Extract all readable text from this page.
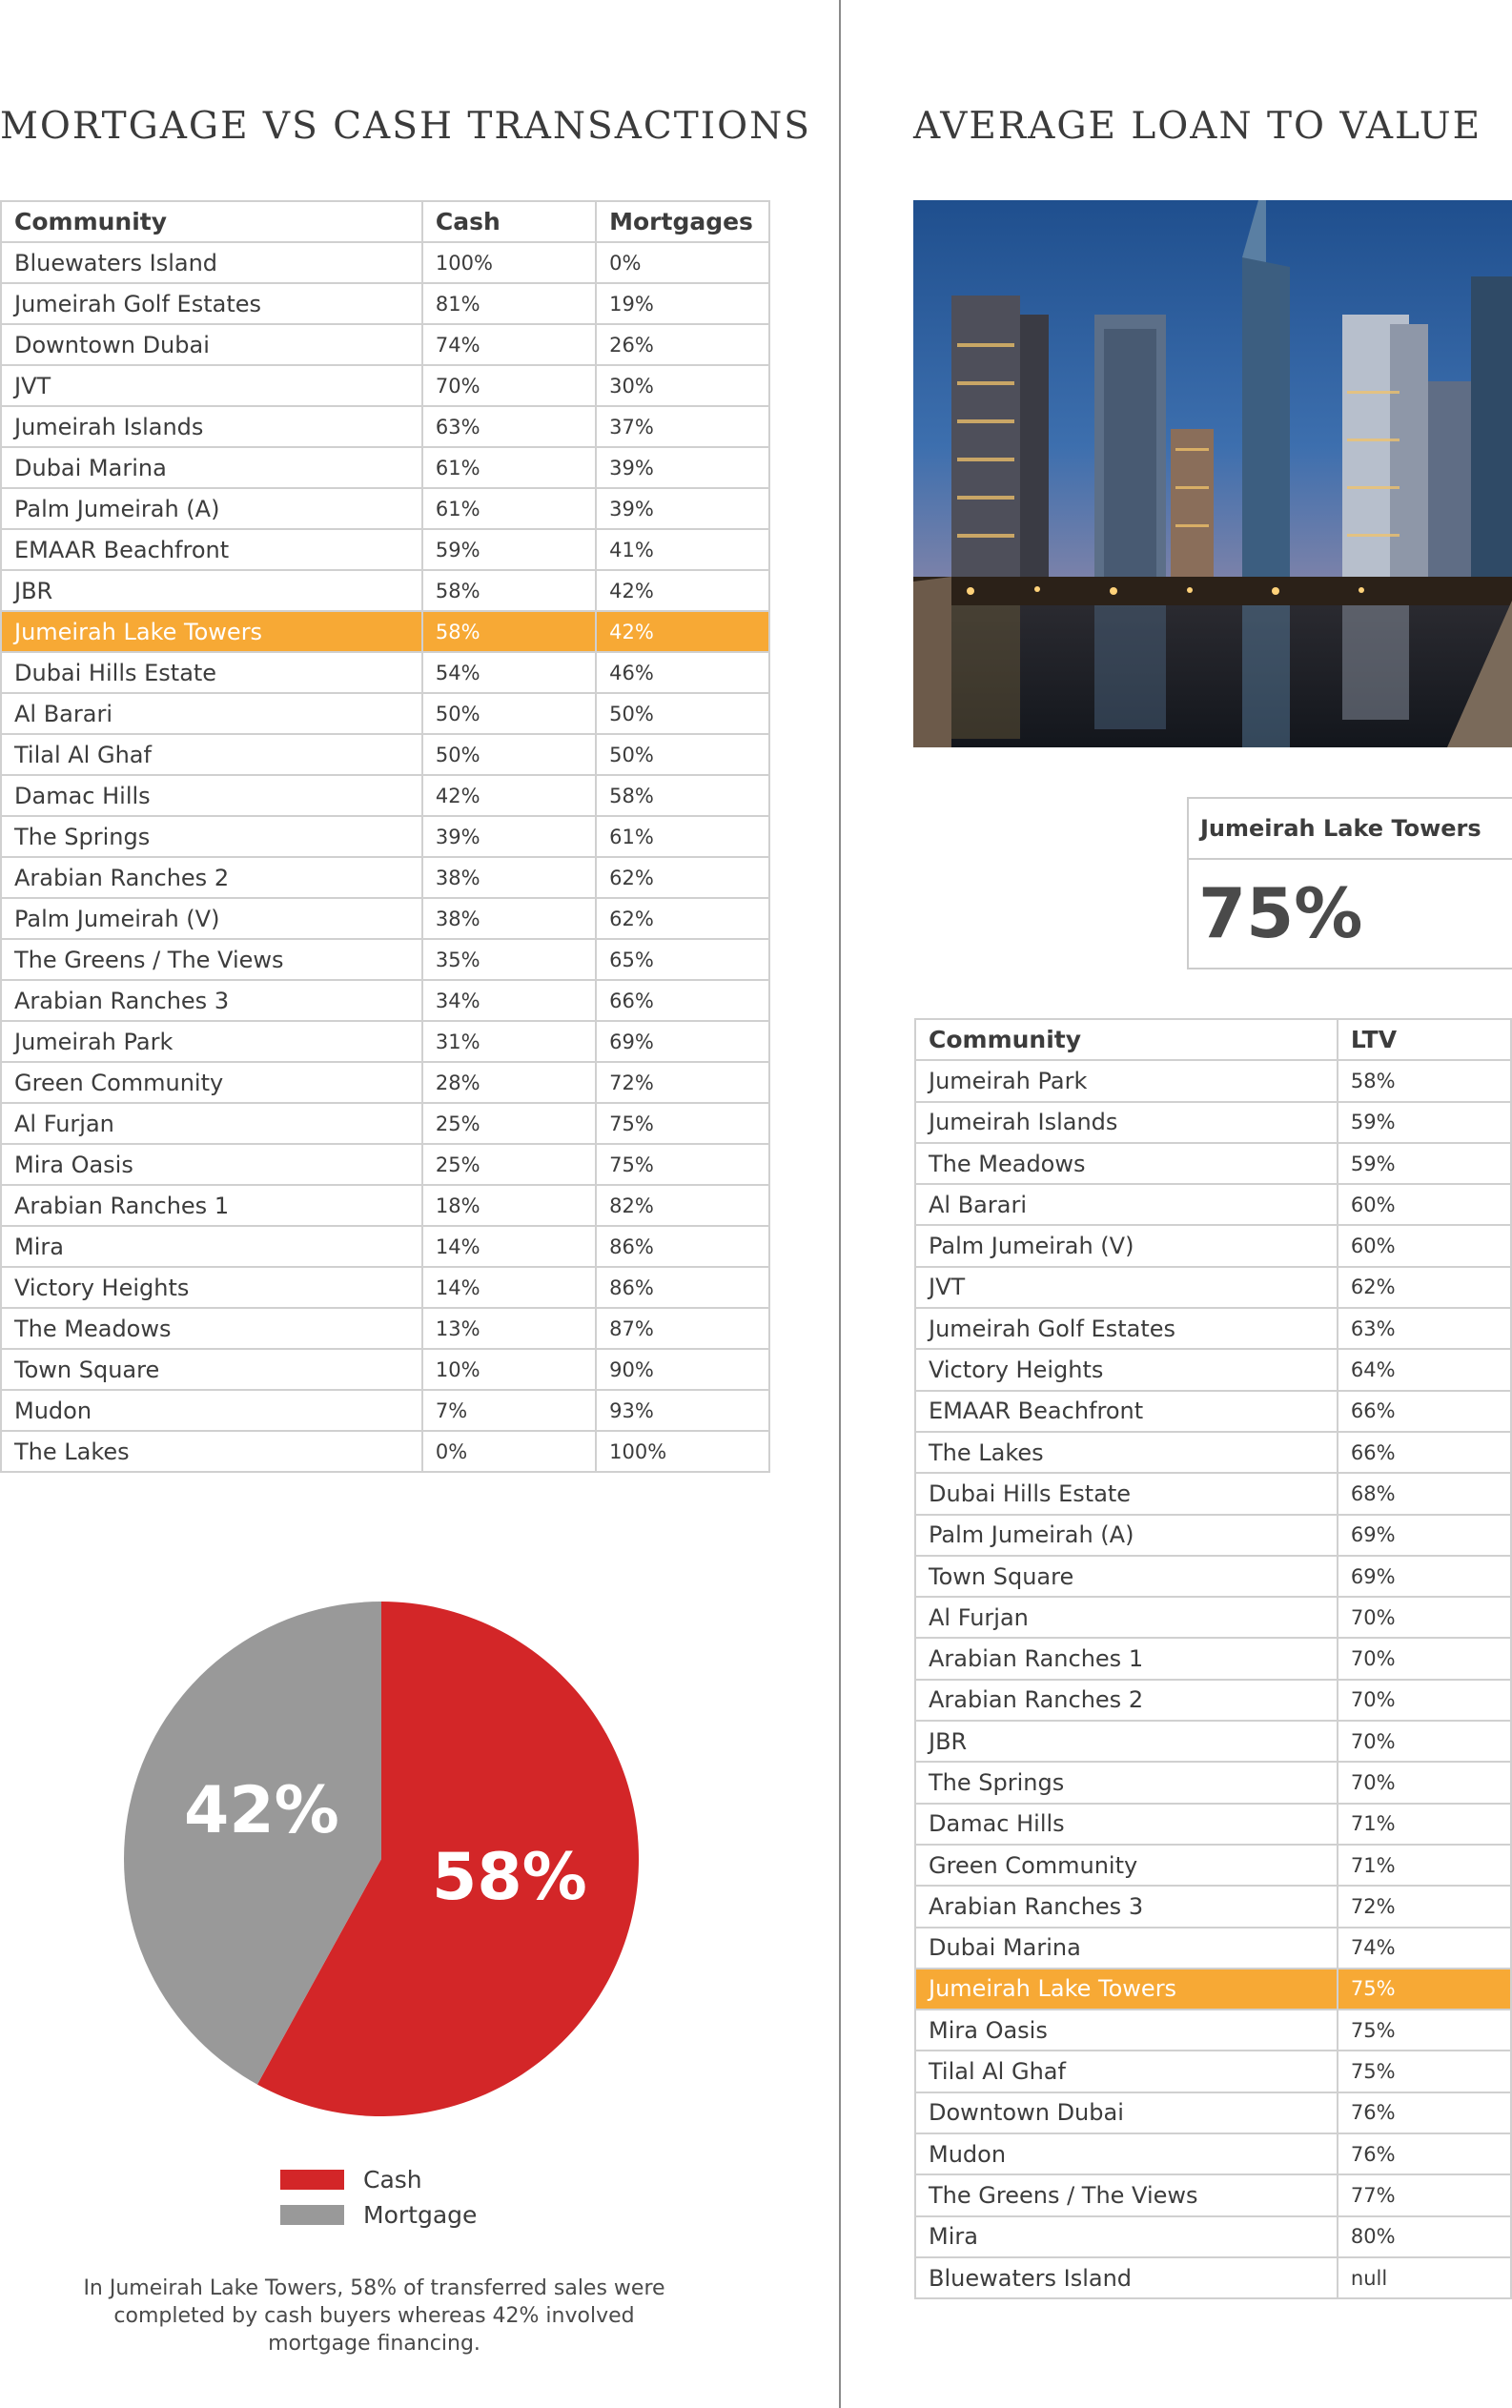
MORTGAGE VS CASH TRANSACTIONS
Community	Cash	Mortgages
Bluewaters Island	100%	0%
Jumeirah Golf Estates	81%	19%
Downtown Dubai	74%	26%
JVT	70%	30%
Jumeirah Islands	63%	37%
Dubai Marina	61%	39%
Palm Jumeirah (A)	61%	39%
EMAAR Beachfront	59%	41%
JBR	58%	42%
Jumeirah Lake Towers	58%	42%
Dubai Hills Estate	54%	46%
Al Barari	50%	50%
Tilal Al Ghaf	50%	50%
Damac Hills	42%	58%
The Springs	39%	61%
Arabian Ranches 2	38%	62%
Palm Jumeirah (V)	38%	62%
The Greens / The Views	35%	65%
Arabian Ranches 3	34%	66%
Jumeirah Park	31%	69%
Green Community	28%	72%
Al Furjan	25%	75%
Mira Oasis	25%	75%
Arabian Ranches 1	18%	82%
Mira	14%	86%
Victory Heights	14%	86%
The Meadows	13%	87%
Town Square	10%	90%
Mudon	7%	93%
The Lakes	0%	100%
42%
58%
Cash
Mortgage

In Jumeirah Lake Towers, 58% of transferred sales were completed by cash buyers whereas 42% involved mortgage financing.

AVERAGE LOAN TO VALUE
Jumeirah Lake Towers
75%
Community	LTV
Jumeirah Park	58%
Jumeirah Islands	59%
The Meadows	59%
Al Barari	60%
Palm Jumeirah (V)	60%
JVT	62%
Jumeirah Golf Estates	63%
Victory Heights	64%
EMAAR Beachfront	66%
The Lakes	66%
Dubai Hills Estate	68%
Palm Jumeirah (A)	69%
Town Square	69%
Al Furjan	70%
Arabian Ranches 1	70%
Arabian Ranches 2	70%
JBR	70%
The Springs	70%
Damac Hills	71%
Green Community	71%
Arabian Ranches 3	72%
Dubai Marina	74%
Jumeirah Lake Towers	75%
Mira Oasis	75%
Tilal Al Ghaf	75%
Downtown Dubai	76%
Mudon	76%
The Greens / The Views	77%
Mira	80%
Bluewaters Island	null
